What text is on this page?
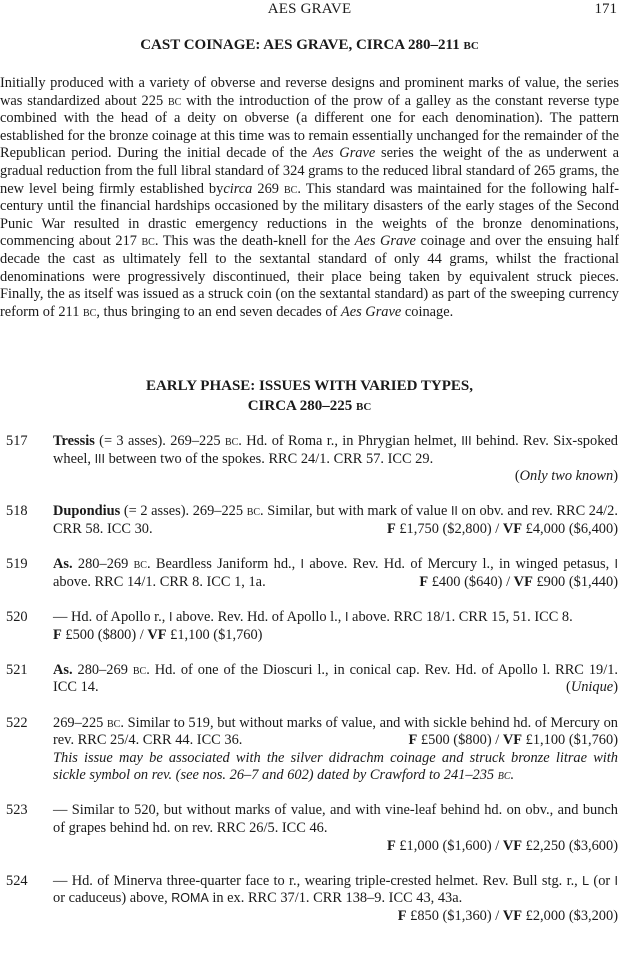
AES GRAVE	171
CAST COINAGE: AES GRAVE, CIRCA 280–211 bc

Initially produced with a variety of obverse and reverse designs and prominent marks of value, the series was standardized about 225 bc with the introduction of the prow of a galley as the constant reverse type combined with the head of a deity on obverse (a different one for each denomination). The pattern established for the bronze coinage at this time was to remain essentially unchanged for the remainder of the Republican period. During the initial decade of the Aes Grave series the weight of the as underwent a gradual reduction from the full libral standard of 324 grams to the reduced libral standard of 265 grams, the new level being firmly established bycirca 269 bc. This standard was maintained for the following half-century until the financial hardships occasioned by the military disasters of the early stages of the Second Punic War resulted in drastic emergency reductions in the weights of the bronze denominations, commencing about 217 bc. This was the death-knell for the Aes Grave coinage and over the ensuing half decade the cast as ultimately fell to the sextantal standard of only 44 grams, whilst the fractional denominations were progressively discontinued, their place being taken by equivalent struck pieces. Finally, the as itself was issued as a struck coin (on the sextantal standard) as part of the sweeping currency reform of 211 bc, thus bringing to an end seven decades of Aes Grave coinage.

EARLY PHASE: ISSUES WITH VARIED TYPES,
CIRCA 280–225 bc
517 Tressis (= 3 asses). 269–225 bc. Hd. of Roma r., in Phrygian helmet, III behind. Rev. Six-spoked wheel, III between two of the spokes. RRC 24/1. CRR 57. ICC 29.
(Only two known)
518 Dupondius (= 2 asses). 269–225 bc. Similar, but with mark of value II on obv. and rev. RRC 24/2. CRR 58. ICC 30.	F £1,750 ($2,800) / VF £4,000 ($6,400)
519 As. 280–269 bc. Beardless Janiform hd., I above. Rev. Hd. of Mercury l., in winged petasus, I above. RRC 14/1. CRR 8. ICC 1, 1a.	F £400 ($640) / VF £900 ($1,440)
520 — Hd. of Apollo r., I above. Rev. Hd. of Apollo l., I above. RRC 18/1. CRR 15, 51. ICC 8.
F £500 ($800) / VF £1,100 ($1,760)
521 As. 280–269 bc. Hd. of one of the Dioscuri l., in conical cap. Rev. Hd. of Apollo l. RRC 19/1. ICC 14.	(Unique)
522 269–225 bc. Similar to 519, but without marks of value, and with sickle behind hd. of Mercury on rev. RRC 25/4. CRR 44. ICC 36.	F £500 ($800) / VF £1,100 ($1,760)
This issue may be associated with the silver didrachm coinage and struck bronze litrae with sickle symbol on rev. (see nos. 26–7 and 602) dated by Crawford to 241–235 bc.
523 — Similar to 520, but without marks of value, and with vine-leaf behind hd. on obv., and bunch of grapes behind hd. on rev. RRC 26/5. ICC 46.
F £1,000 ($1,600) / VF £2,250 ($3,600)
524 — Hd. of Minerva three-quarter face to r., wearing triple-crested helmet. Rev. Bull stg. r., L (or I or caduceus) above, ROMA in ex. RRC 37/1. CRR 138–9. ICC 43, 43a.
F £850 ($1,360) / VF £2,000 ($3,200)
